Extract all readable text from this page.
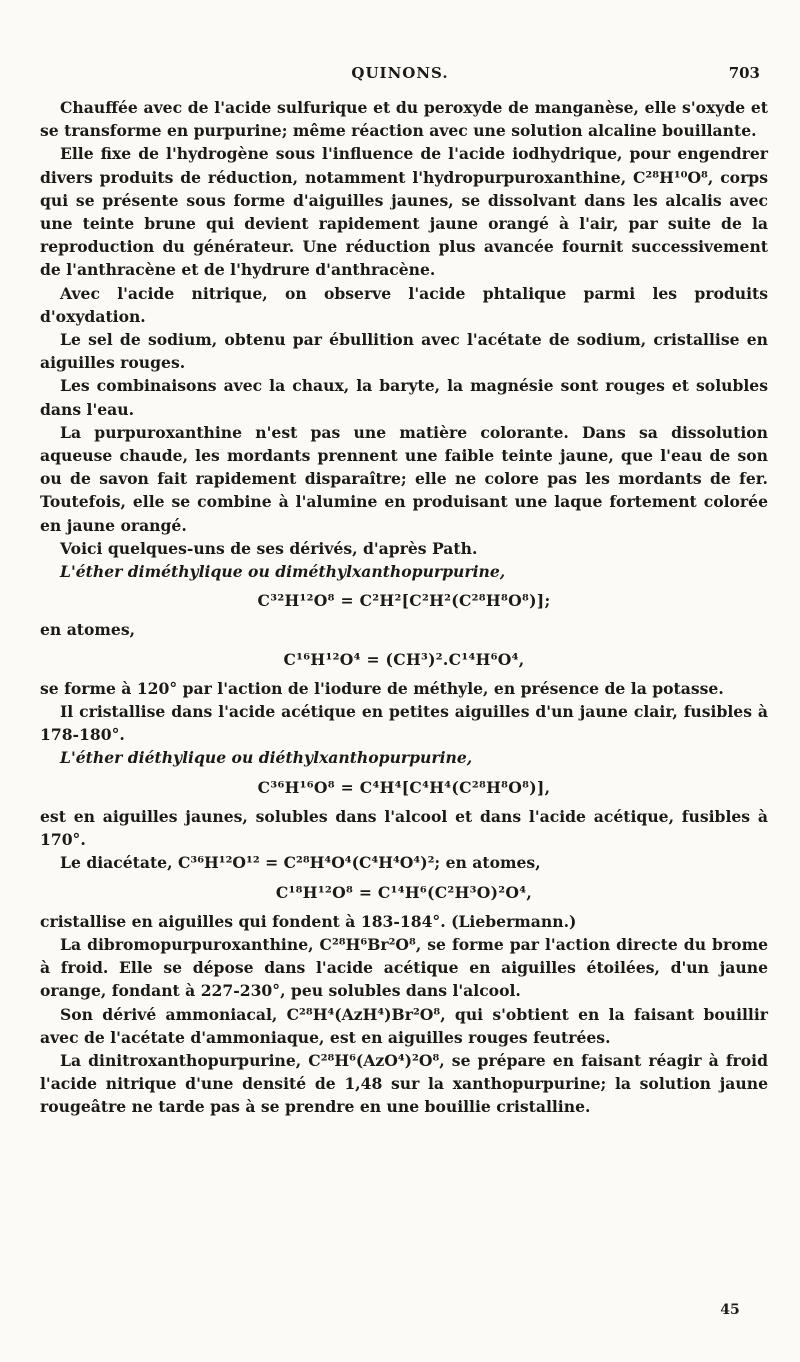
QUINONS.	703

Chauffée avec de l'acide sulfurique et du peroxyde de manganèse, elle s'oxyde et se transforme en purpurine; même réaction avec une solution alcaline bouillante.

Elle fixe de l'hydrogène sous l'influence de l'acide iodhydrique, pour engendrer divers produits de réduction, notamment l'hydropurpuroxanthine, C²⁸H¹⁰O⁸, corps qui se présente sous forme d'aiguilles jaunes, se dissolvant dans les alcalis avec une teinte brune qui devient rapidement jaune orangé à l'air, par suite de la reproduction du générateur. Une réduction plus avancée fournit successivement de l'anthracène et de l'hydrure d'anthracène.

Avec l'acide nitrique, on observe l'acide phtalique parmi les produits d'oxydation.

Le sel de sodium, obtenu par ébullition avec l'acétate de sodium, cristallise en aiguilles rouges.

Les combinaisons avec la chaux, la baryte, la magnésie sont rouges et solubles dans l'eau.

La purpuroxanthine n'est pas une matière colorante. Dans sa dissolution aqueuse chaude, les mordants prennent une faible teinte jaune, que l'eau de son ou de savon fait rapidement disparaître; elle ne colore pas les mordants de fer. Toutefois, elle se combine à l'alumine en produisant une laque fortement colorée en jaune orangé.

Voici quelques-uns de ses dérivés, d'après Path.

L'éther diméthylique ou diméthylxanthopurpurine,

C³²H¹²O⁸ = C²H²[C²H²(C²⁸H⁸O⁸)];

en atomes,

C¹⁶H¹²O⁴ = (CH³)².C¹⁴H⁶O⁴,

se forme à 120° par l'action de l'iodure de méthyle, en présence de la potasse.

Il cristallise dans l'acide acétique en petites aiguilles d'un jaune clair, fusibles à 178-180°.

L'éther diéthylique ou diéthylxanthopurpurine,

C³⁶H¹⁶O⁸ = C⁴H⁴[C⁴H⁴(C²⁸H⁸O⁸)],

est en aiguilles jaunes, solubles dans l'alcool et dans l'acide acétique, fusibles à 170°.

Le diacétate, C³⁶H¹²O¹² = C²⁸H⁴O⁴(C⁴H⁴O⁴)²; en atomes,

C¹⁸H¹²O⁸ = C¹⁴H⁶(C²H³O)²O⁴,

cristallise en aiguilles qui fondent à 183-184°. (Liebermann.)

La dibromopurpuroxanthine, C²⁸H⁶Br²O⁸, se forme par l'action directe du brome à froid. Elle se dépose dans l'acide acétique en aiguilles étoilées, d'un jaune orange, fondant à 227-230°, peu solubles dans l'alcool.

Son dérivé ammoniacal, C²⁸H⁴(AzH⁴)Br²O⁸, qui s'obtient en la faisant bouillir avec de l'acétate d'ammoniaque, est en aiguilles rouges feutrées.

La dinitroxanthopurpurine, C²⁸H⁶(AzO⁴)²O⁸, se prépare en faisant réagir à froid l'acide nitrique d'une densité de 1,48 sur la xanthopurpurine; la solution jaune rougeâtre ne tarde pas à se prendre en une bouillie cristalline.

45
